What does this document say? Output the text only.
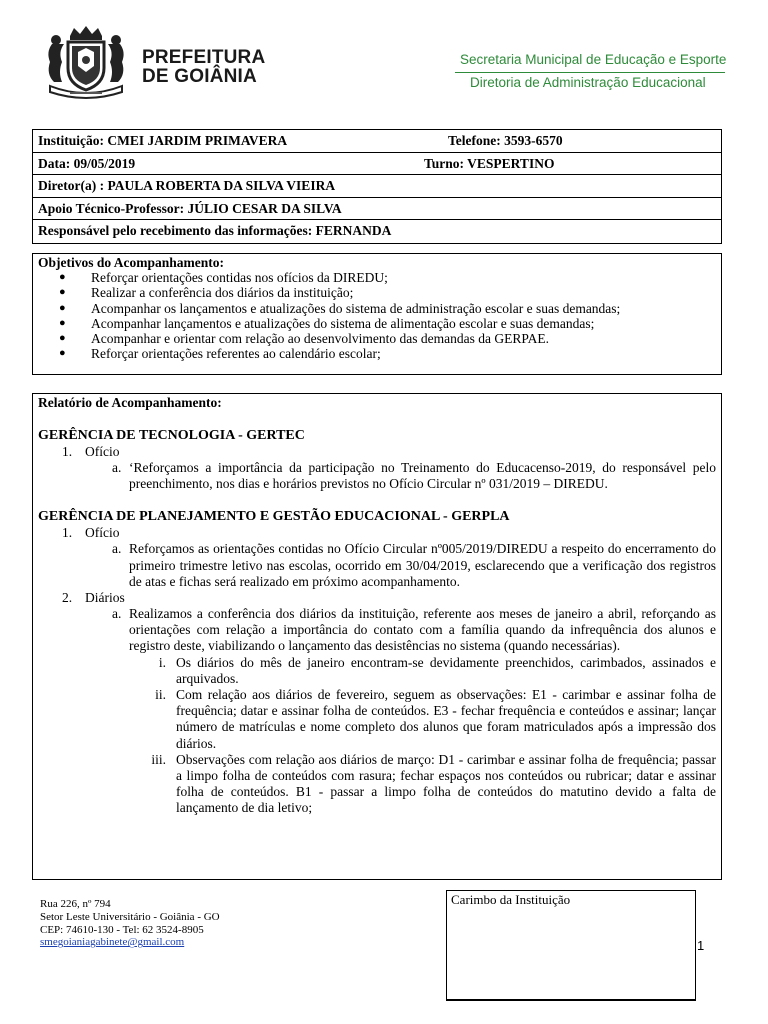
PREFEITURA
DE GOIÂNIA
Secretaria Municipal de Educação e Esporte
Diretoria de Administração Educacional
Instituição: CMEI JARDIM PRIMAVERA	Telefone: 3593-6570
Data: 09/05/2019	Turno: VESPERTINO
Diretor(a) : PAULA ROBERTA DA SILVA VIEIRA
Apoio Técnico-Professor: JÚLIO CESAR DA SILVA
Responsável pelo recebimento das informações: FERNANDA
Objetivos do Acompanhamento:
● Reforçar orientações contidas nos ofícios da DIREDU;
● Realizar a conferência dos diários da instituição;
● Acompanhar os lançamentos e atualizações do sistema de administração escolar e suas demandas;
● Acompanhar lançamentos e atualizações do sistema de alimentação escolar e suas demandas;
● Acompanhar e orientar com relação ao desenvolvimento das demandas da GERPAE.
● Reforçar orientações referentes ao calendário escolar;
Relatório de Acompanhamento:
GERÊNCIA DE TECNOLOGIA - GERTEC
1. Ofício
a. ‘Reforçamos a importância da participação no Treinamento do Educacenso-2019, do responsável pelo preenchimento, nos dias e horários previstos no Ofício Circular nº 031/2019 – DIREDU.
GERÊNCIA DE PLANEJAMENTO E GESTÃO EDUCACIONAL - GERPLA
1. Ofício
a. Reforçamos as orientações contidas no Ofício Circular nº005/2019/DIREDU a respeito do encerramento do primeiro trimestre letivo nas escolas, ocorrido em 30/04/2019, esclarecendo que a verificação dos registros de atas e fichas será realizado em próximo acompanhamento.
2. Diários
a. Realizamos a conferência dos diários da instituição, referente aos meses de janeiro a abril, reforçando as orientações com relação a importância do contato com a família quando da infrequência dos alunos e registro deste, viabilizando o lançamento das desistências no sistema (quando necessárias).
i. Os diários do mês de janeiro encontram-se devidamente preenchidos, carimbados, assinados e arquivados.
ii. Com relação aos diários de fevereiro, seguem as observações: E1 - carimbar e assinar folha de frequência; datar e assinar folha de conteúdos. E3 - fechar frequência e conteúdos e assinar; lançar número de matrículas e nome completo dos alunos que foram matriculados após a impressão dos diários.
iii. Observações com relação aos diários de março: D1 - carimbar e assinar folha de frequência; passar a limpo folha de conteúdos com rasura; fechar espaços nos conteúdos ou rubricar; datar e assinar folha de conteúdos. B1 - passar a limpo folha de conteúdos do matutino devido a falta de lançamento de dia letivo;
Rua 226, nº 794
Setor Leste Universitário - Goiânia - GO
CEP: 74610-130 - Tel: 62 3524-8905
smegoianiagabinete@gmail.com
Carimbo da Instituição
1
